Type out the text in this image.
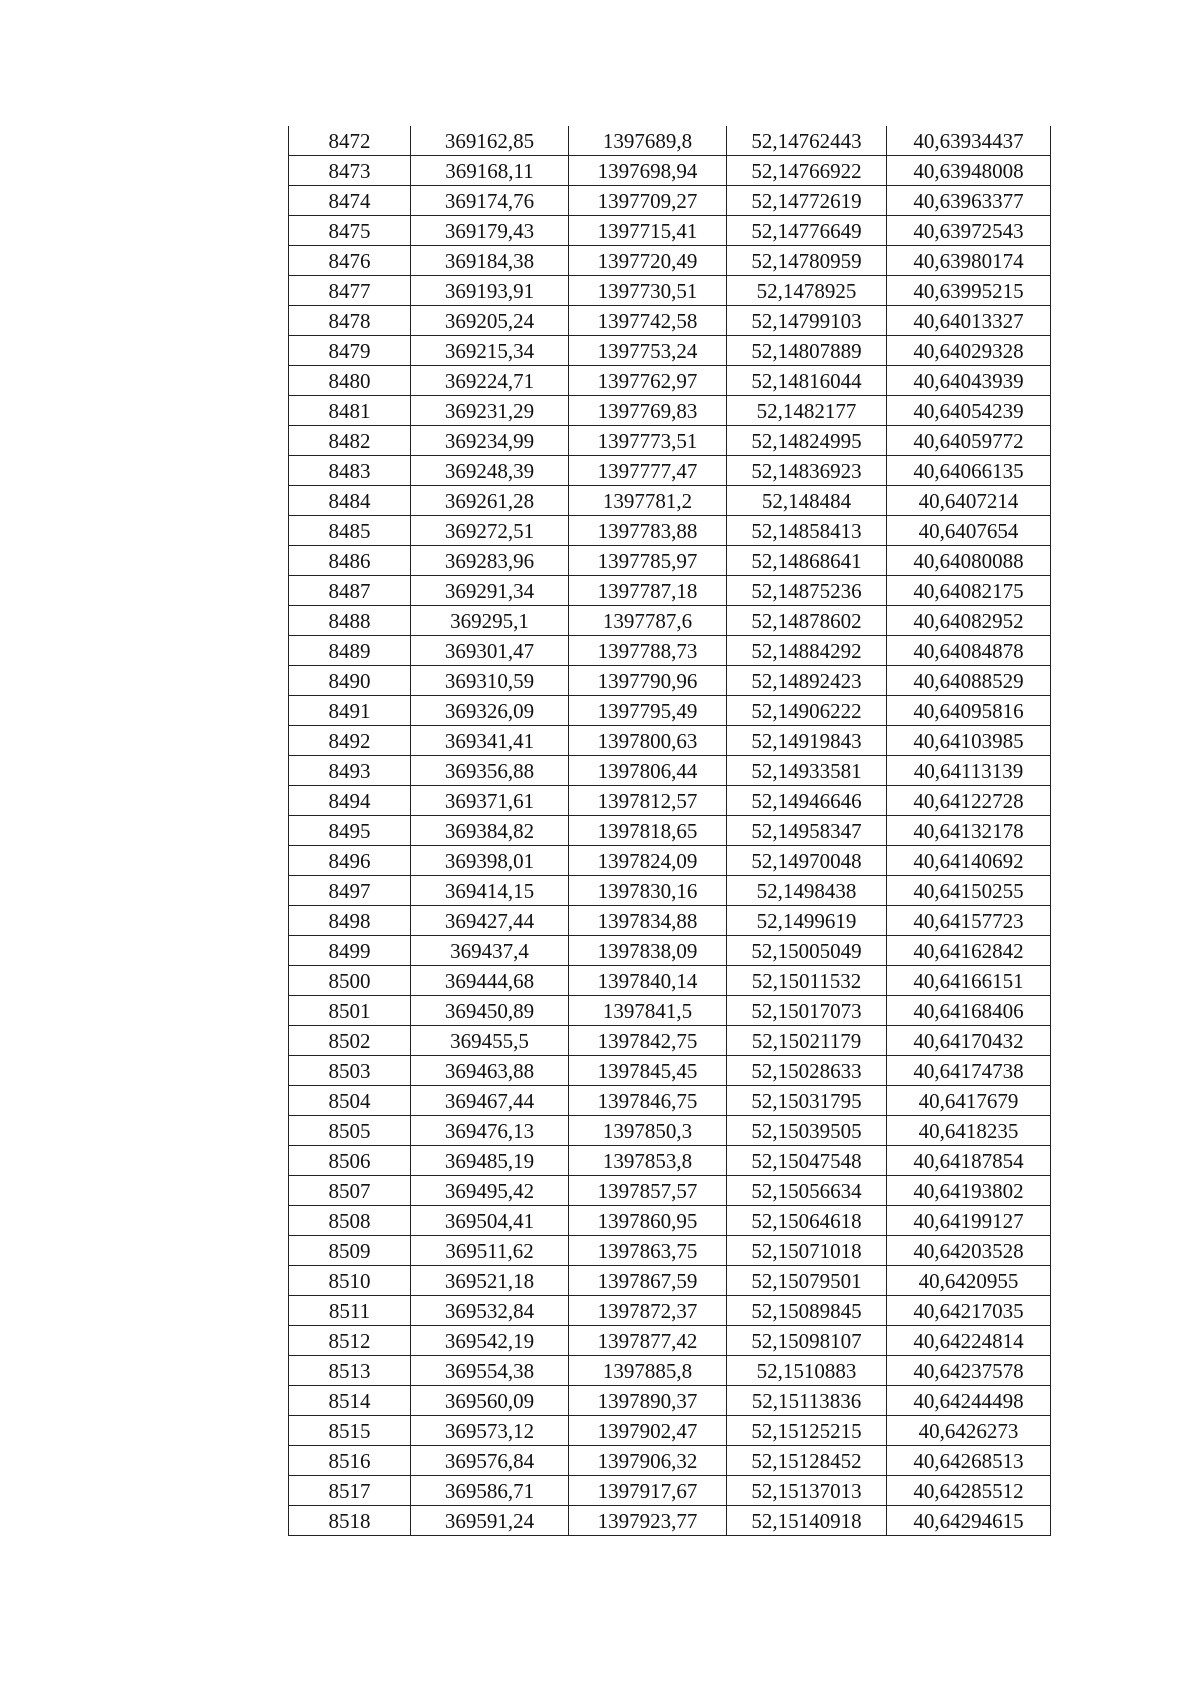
8472	369162,85	1397689,8	52,14762443	40,63934437
8473	369168,11	1397698,94	52,14766922	40,63948008
8474	369174,76	1397709,27	52,14772619	40,63963377
8475	369179,43	1397715,41	52,14776649	40,63972543
8476	369184,38	1397720,49	52,14780959	40,63980174
8477	369193,91	1397730,51	52,1478925	40,63995215
8478	369205,24	1397742,58	52,14799103	40,64013327
8479	369215,34	1397753,24	52,14807889	40,64029328
8480	369224,71	1397762,97	52,14816044	40,64043939
8481	369231,29	1397769,83	52,1482177	40,64054239
8482	369234,99	1397773,51	52,14824995	40,64059772
8483	369248,39	1397777,47	52,14836923	40,64066135
8484	369261,28	1397781,2	52,148484	40,6407214
8485	369272,51	1397783,88	52,14858413	40,6407654
8486	369283,96	1397785,97	52,14868641	40,64080088
8487	369291,34	1397787,18	52,14875236	40,64082175
8488	369295,1	1397787,6	52,14878602	40,64082952
8489	369301,47	1397788,73	52,14884292	40,64084878
8490	369310,59	1397790,96	52,14892423	40,64088529
8491	369326,09	1397795,49	52,14906222	40,64095816
8492	369341,41	1397800,63	52,14919843	40,64103985
8493	369356,88	1397806,44	52,14933581	40,64113139
8494	369371,61	1397812,57	52,14946646	40,64122728
8495	369384,82	1397818,65	52,14958347	40,64132178
8496	369398,01	1397824,09	52,14970048	40,64140692
8497	369414,15	1397830,16	52,1498438	40,64150255
8498	369427,44	1397834,88	52,1499619	40,64157723
8499	369437,4	1397838,09	52,15005049	40,64162842
8500	369444,68	1397840,14	52,15011532	40,64166151
8501	369450,89	1397841,5	52,15017073	40,64168406
8502	369455,5	1397842,75	52,15021179	40,64170432
8503	369463,88	1397845,45	52,15028633	40,64174738
8504	369467,44	1397846,75	52,15031795	40,6417679
8505	369476,13	1397850,3	52,15039505	40,6418235
8506	369485,19	1397853,8	52,15047548	40,64187854
8507	369495,42	1397857,57	52,15056634	40,64193802
8508	369504,41	1397860,95	52,15064618	40,64199127
8509	369511,62	1397863,75	52,15071018	40,64203528
8510	369521,18	1397867,59	52,15079501	40,6420955
8511	369532,84	1397872,37	52,15089845	40,64217035
8512	369542,19	1397877,42	52,15098107	40,64224814
8513	369554,38	1397885,8	52,1510883	40,64237578
8514	369560,09	1397890,37	52,15113836	40,64244498
8515	369573,12	1397902,47	52,15125215	40,6426273
8516	369576,84	1397906,32	52,15128452	40,64268513
8517	369586,71	1397917,67	52,15137013	40,64285512
8518	369591,24	1397923,77	52,15140918	40,64294615
